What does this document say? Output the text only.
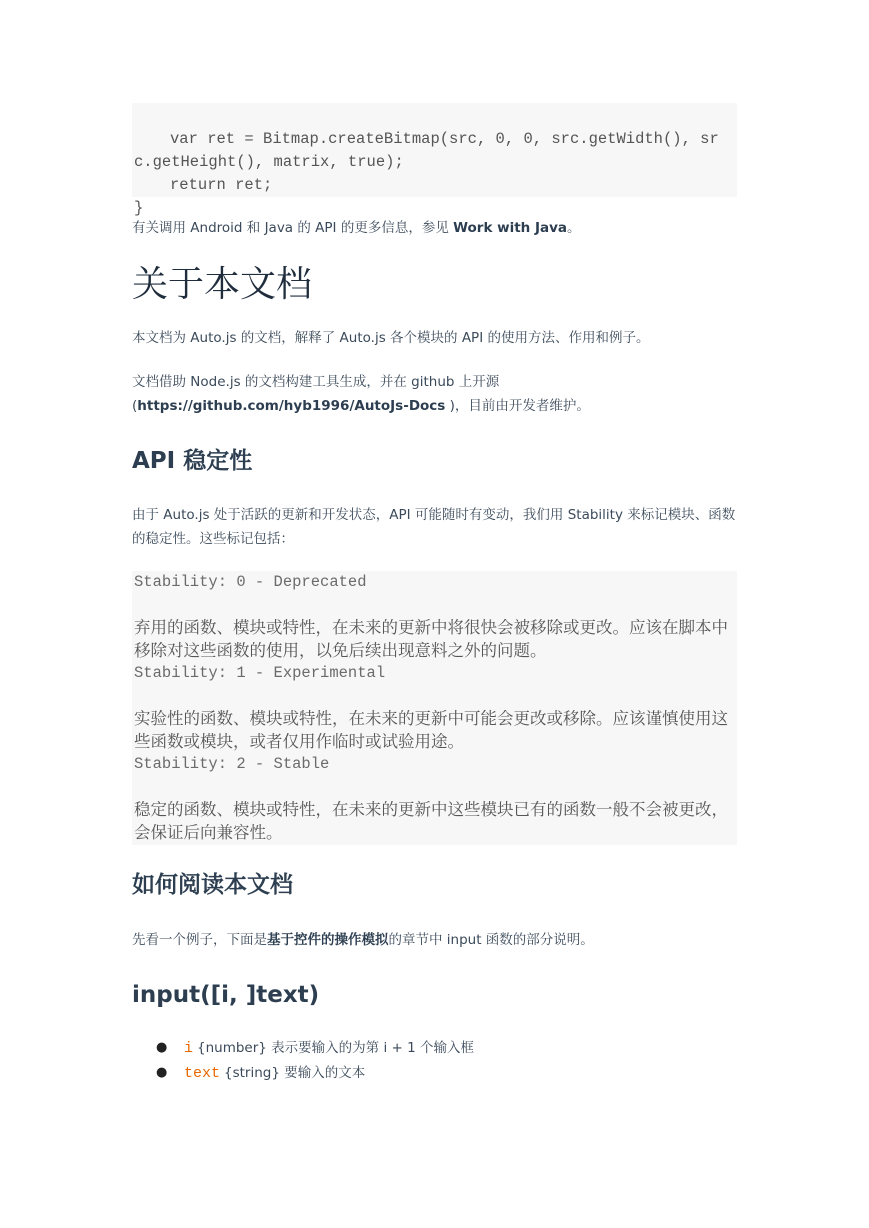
var ret = Bitmap.createBitmap(src, 0, 0, src.getWidth(), src.getHeight(), matrix, true);
return ret;
}

有关调用 Android 和 Java 的 API 的更多信息，参见 Work with Java。

关于本文档

本文档为 Auto.js 的文档，解释了 Auto.js 各个模块的 API 的使用方法、作用和例子。

文档借助 Node.js 的文档构建工具生成，并在 github 上开源
(https://github.com/hyb1996/AutoJs-Docs )，目前由开发者维护。

API 稳定性

由于 Auto.js 处于活跃的更新和开发状态，API 可能随时有变动，我们用 Stability 来标记模块、函数的稳定性。这些标记包括：

Stability: 0 - Deprecated
弃用的函数、模块或特性，在未来的更新中将很快会被移除或更改。应该在脚本中移除对这些函数的使用，以免后续出现意料之外的问题。
Stability: 1 - Experimental
实验性的函数、模块或特性，在未来的更新中可能会更改或移除。应该谨慎使用这些函数或模块，或者仅用作临时或试验用途。
Stability: 2 - Stable
稳定的函数、模块或特性，在未来的更新中这些模块已有的函数一般不会被更改，会保证后向兼容性。
如何阅读本文档

先看一个例子，下面是基于控件的操作模拟的章节中 input 函数的部分说明。

input([i, ]text)
● i {number} 表示要输入的为第 i + 1 个输入框
● text {string} 要输入的文本
